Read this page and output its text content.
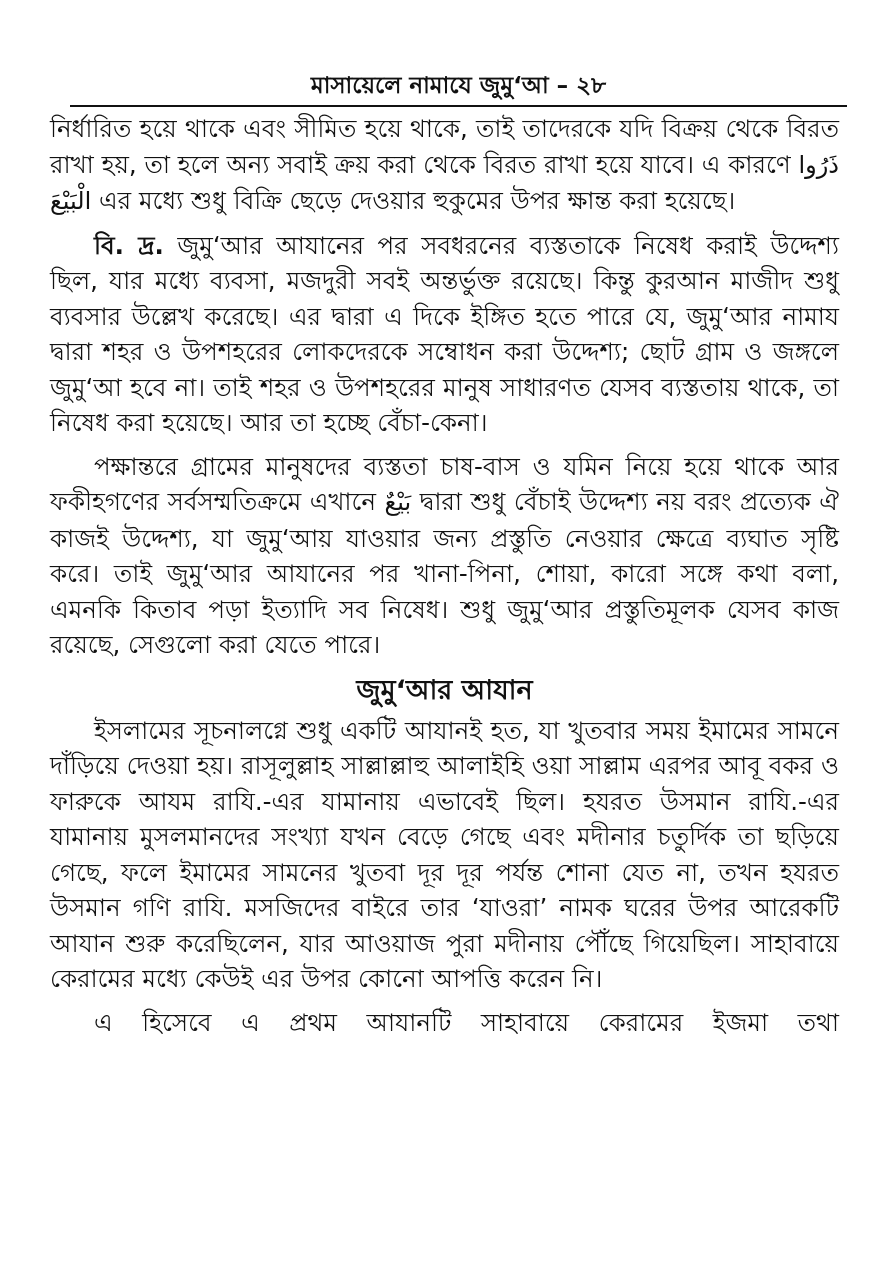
মাসায়েলে নামাযে জুমু‘আ – ২৮

নির্ধারিত হয়ে থাকে এবং সীমিত হয়ে থাকে, তাই তাদেরকে যদি বিক্রয় থেকে বিরত রাখা হয়, তা হলে অন্য সবাই ক্রয় করা থেকে বিরত রাখা হয়ে যাবে। এ কারণে ذَرُوا الْبَيْعَ এর মধ্যে শুধু বিক্রি ছেড়ে দেওয়ার হুকুমের উপর ক্ষান্ত করা হয়েছে।

বি. দ্র. জুমু‘আর আযানের পর সবধরনের ব্যস্ততাকে নিষেধ করাই উদ্দেশ্য ছিল, যার মধ্যে ব্যবসা, মজদুরী সবই অন্তর্ভুক্ত রয়েছে। কিন্তু কুরআন মাজীদ শুধু ব্যবসার উল্লেখ করেছে। এর দ্বারা এ দিকে ইঙ্গিত হতে পারে যে, জুমু‘আর নামায দ্বারা শহর ও উপশহরের লোকদেরকে সম্বোধন করা উদ্দেশ্য; ছোট গ্রাম ও জঙ্গলে জুমু‘আ হবে না। তাই শহর ও উপশহরের মানুষ সাধারণত যেসব ব্যস্ততায় থাকে, তা নিষেধ করা হয়েছে। আর তা হচ্ছে বেঁচা-কেনা।

পক্ষান্তরে গ্রামের মানুষদের ব্যস্ততা চাষ-বাস ও যমিন নিয়ে হয়ে থাকে আর ফকীহগণের সর্বসম্মতিক্রমে এখানে بَيْعٌ দ্বারা শুধু বেঁচাই উদ্দেশ্য নয় বরং প্রত্যেক ঐ কাজই উদ্দেশ্য, যা জুমু‘আয় যাওয়ার জন্য প্রস্তুতি নেওয়ার ক্ষেত্রে ব্যঘাত সৃষ্টি করে। তাই জুমু‘আর আযানের পর খানা-পিনা, শোয়া, কারো সঙ্গে কথা বলা, এমনকি কিতাব পড়া ইত্যাদি সব নিষেধ। শুধু জুমু‘আর প্রস্তুতিমূলক যেসব কাজ রয়েছে, সেগুলো করা যেতে পারে।

জুমু‘আর আযান

ইসলামের সূচনালগ্নে শুধু একটি আযানই হত, যা খুতবার সময় ইমামের সামনে দাঁড়িয়ে দেওয়া হয়। রাসূলুল্লাহ সাল্লাল্লাহু আলাইহি ওয়া সাল্লাম এরপর আবূ বকর ও ফারুকে আযম রাযি.-এর যামানায় এভাবেই ছিল। হযরত উসমান রাযি.-এর যামানায় মুসলমানদের সংখ্যা যখন বেড়ে গেছে এবং মদীনার চতুর্দিক তা ছড়িয়ে গেছে, ফলে ইমামের সামনের খুতবা দূর দূর পর্যন্ত শোনা যেত না, তখন হযরত উসমান গণি রাযি. মসজিদের বাইরে তার ‘যাওরা’ নামক ঘরের উপর আরেকটি আযান শুরু করেছিলেন, যার আওয়াজ পুরা মদীনায় পৌঁছে গিয়েছিল। সাহাবায়ে কেরামের মধ্যে কেউই এর উপর কোনো আপত্তি করেন নি।

এ হিসেবে এ প্রথম আযানটি সাহাবায়ে কেরামের ইজমা তথা
